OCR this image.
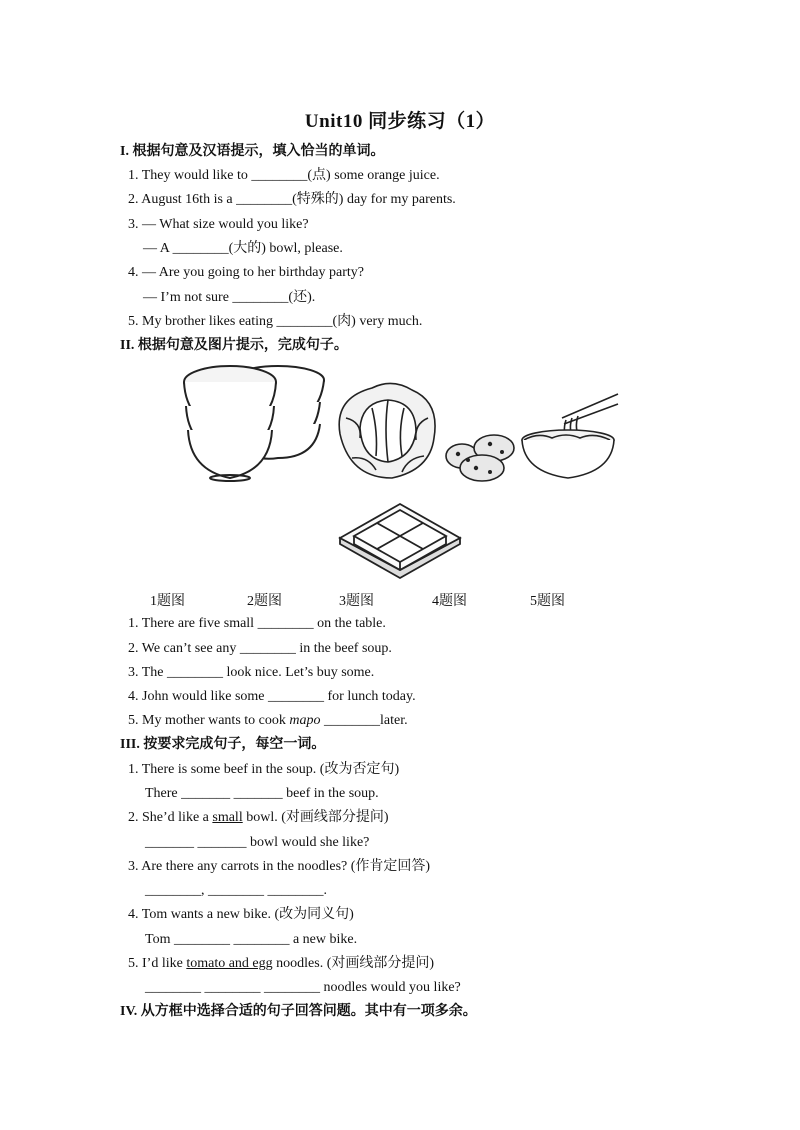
Unit10 同步练习（1）
I. 根据句意及汉语提示，填入恰当的单词。
1. They would like to ________(点) some orange juice.
2. August 16th is a ________(特殊的) day for my parents.
3. — What size would you like?
— A ________(大的) bowl, please.
4. — Are you going to her birthday party?
— I’m not sure ________(还).
5. My brother likes eating ________(肉) very much.
II. 根据句意及图片提示，完成句子。
1题图	2题图	3题图	4题图	5题图
1. There are five small ________ on the table.
2. We can’t see any ________ in the beef soup.
3. The ________ look nice. Let’s buy some.
4. John would like some ________ for lunch today.
5. My mother wants to cook mapo ________later.
III. 按要求完成句子，每空一词。
1. There is some beef in the soup. (改为否定句)
There _______ _______ beef in the soup.
2. She’d like a small bowl. (对画线部分提问)
_______ _______ bowl would she like?
3. Are there any carrots in the noodles? (作肯定回答)
________, ________ ________.
4. Tom wants a new bike. (改为同义句)
Tom ________ ________ a new bike.
5. I’d like tomato and egg noodles. (对画线部分提问)
________ ________ ________ noodles would you like?
IV. 从方框中选择合适的句子回答问题。其中有一项多余。
